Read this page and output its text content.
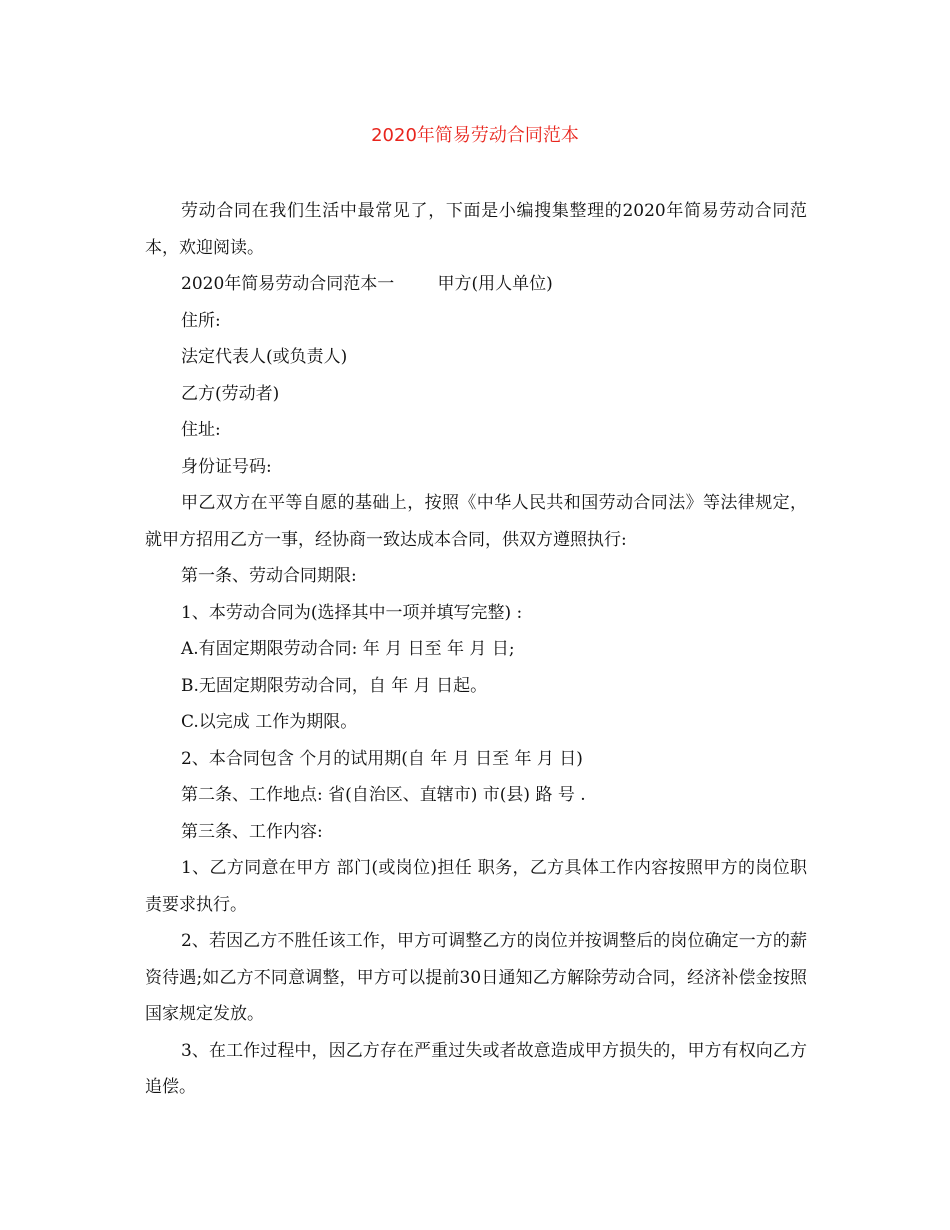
2020年简易劳动合同范本

劳动合同在我们生活中最常见了，下面是小编搜集整理的2020年简易劳动合同范本，欢迎阅读。

2020年简易劳动合同范本一        甲方(用人单位)

住所:

法定代表人(或负责人)

乙方(劳动者)

住址:

身份证号码:

甲乙双方在平等自愿的基础上，按照《中华人民共和国劳动合同法》等法律规定，就甲方招用乙方一事，经协商一致达成本合同，供双方遵照执行:

第一条、劳动合同期限:

1、本劳动合同为(选择其中一项并填写完整) :

A.有固定期限劳动合同: 年 月 日至 年 月 日;

B.无固定期限劳动合同，自 年 月 日起。

C.以完成 工作为期限。

2、本合同包含 个月的试用期(自 年 月 日至 年 月 日)

第二条、工作地点: 省(自治区、直辖市) 市(县) 路 号 .

第三条、工作内容:

1、乙方同意在甲方 部门(或岗位)担任 职务，乙方具体工作内容按照甲方的岗位职责要求执行。

2、若因乙方不胜任该工作，甲方可调整乙方的岗位并按调整后的岗位确定一方的薪资待遇;如乙方不同意调整，甲方可以提前30日通知乙方解除劳动合同，经济补偿金按照国家规定发放。

3、在工作过程中，因乙方存在严重过失或者故意造成甲方损失的，甲方有权向乙方追偿。
